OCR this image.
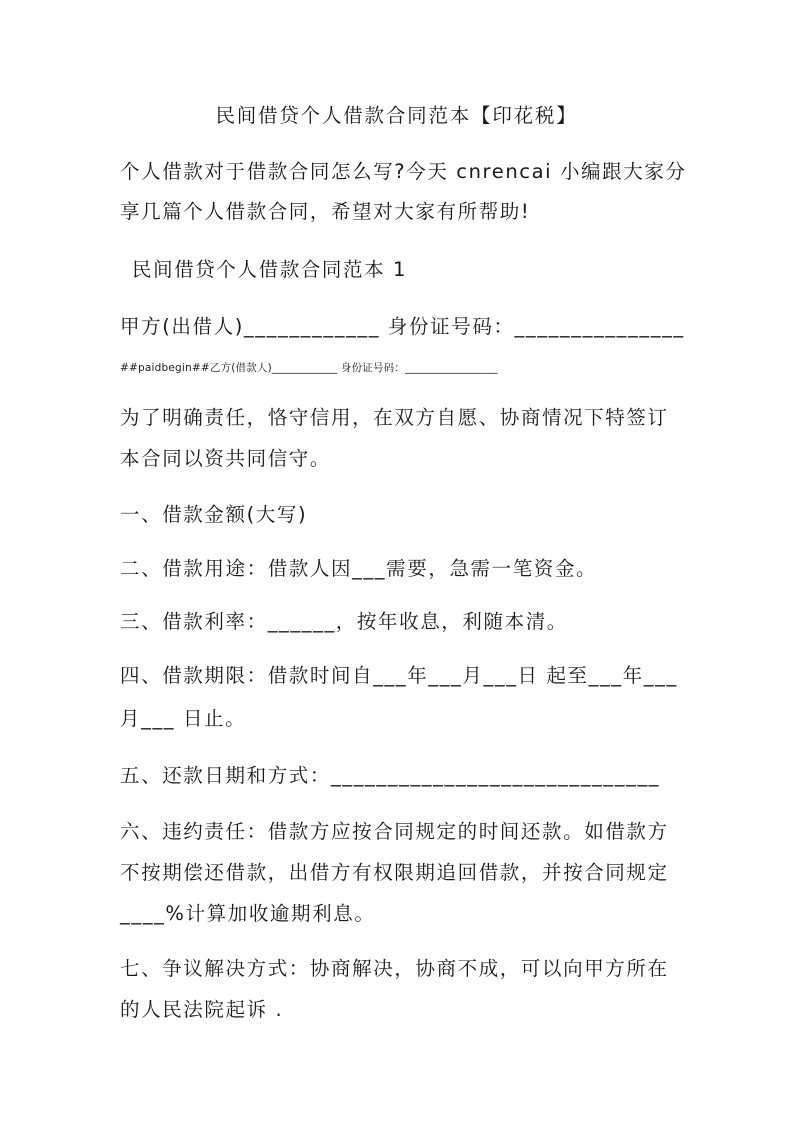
民间借贷个人借款合同范本【印花税】
个人借款对于借款合同怎么写?今天 cnrencai 小编跟大家分
享几篇个人借款合同，希望对大家有所帮助!
民间借贷个人借款合同范本 1
甲方(出借人)____________ 身份证号码：_______________
##paidbegin##乙方(借款人)____________ 身份证号码：_________________
为了明确责任，恪守信用，在双方自愿、协商情况下特签订
本合同以资共同信守。
一、借款金额(大写)
二、借款用途：借款人因___需要，急需一笔资金。
三、借款利率：______，按年收息，利随本清。
四、借款期限：借款时间自___年___月___日 起至___年___
月___ 日止。
五、还款日期和方式：_____________________________
六、违约责任：借款方应按合同规定的时间还款。如借款方
不按期偿还借款，出借方有权限期追回借款，并按合同规定
____%计算加收逾期利息。
七、争议解决方式：协商解决，协商不成，可以向甲方所在
的人民法院起诉 .
